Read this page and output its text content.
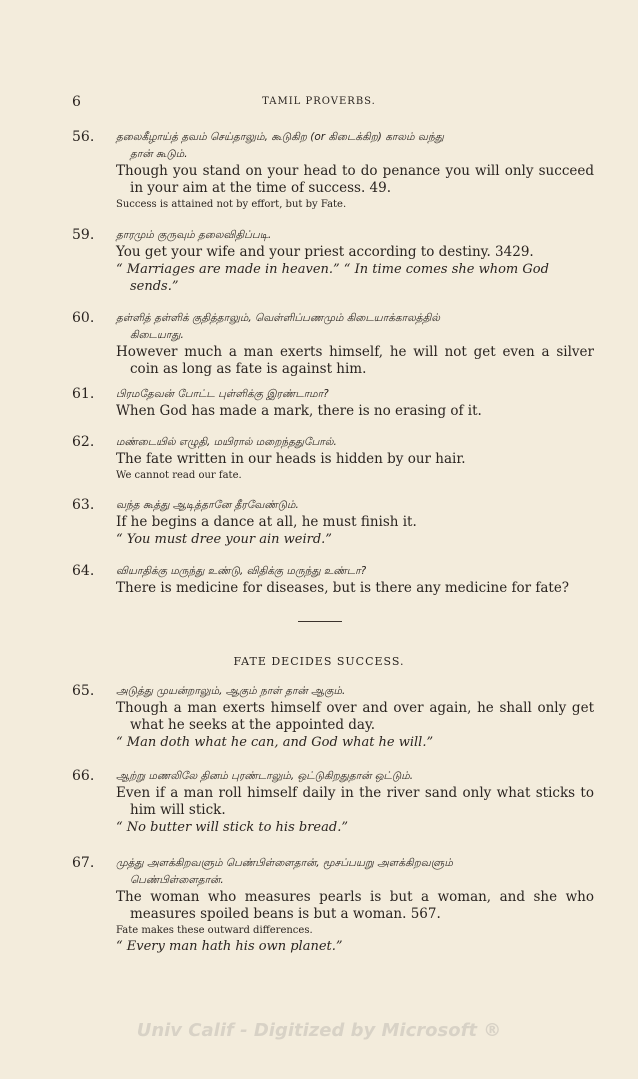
6	TAMIL PROVERBS.
56. தலைகீழாய்த் தவம் செய்தாலும், கூடுகிற (or கிடைக்கிற) காலம் வந்து
தான் கூடும்.
Though you stand on your head to do penance you will only succeed in your aim at the time of success. 49.
Success is attained not by effort, but by Fate.
59. தாரமும் குருவும் தலைவிதிப்படி.
You get your wife and your priest according to destiny. 3429.
“ Marriages are made in heaven.” “ In time comes she whom God sends.”
60. தள்ளித் தள்ளிக் குதித்தாலும், வெள்ளிப்பணமும் கிடையாக்காலத்தில்
கிடையாது.
However much a man exerts himself, he will not get even a silver coin as long as fate is against him.
61. பிரமதேவன் போட்ட புள்ளிக்கு இரண்டாமா?
When God has made a mark, there is no erasing of it.
62. மண்டையில் எழுதி, மயிரால் மறைந்ததுபோல்.
The fate written in our heads is hidden by our hair.
We cannot read our fate.
63. வந்த கூத்து ஆடித்தானே தீரவேண்டும்.
If he begins a dance at all, he must finish it.
“ You must dree your ain weird.”
64. வியாதிக்கு மருந்து உண்டு, விதிக்கு மருந்து உண்டா?
There is medicine for diseases, but is there any medicine for fate?
FATE DECIDES SUCCESS.
65. அடுத்து முயன்றாலும், ஆகும் நாள் தான் ஆகும்.
Though a man exerts himself over and over again, he shall only get what he seeks at the appointed day.
“ Man doth what he can, and God what he will.”
66. ஆற்று மணலிலே தினம் புரண்டாலும், ஒட்டுகிறதுதான் ஒட்டும்.
Even if a man roll himself daily in the river sand only what sticks to him will stick.
“ No butter will stick to his bread.”
67. முத்து அளக்கிறவளும் பெண்பிள்ளைதான், மூசப்பயறு அளக்கிறவளும்
பெண்பிள்ளைதான்.
The woman who measures pearls is but a woman, and she who measures spoiled beans is but a woman. 567.
Fate makes these outward differences.
“ Every man hath his own planet.”
Univ Calif - Digitized by Microsoft ®
